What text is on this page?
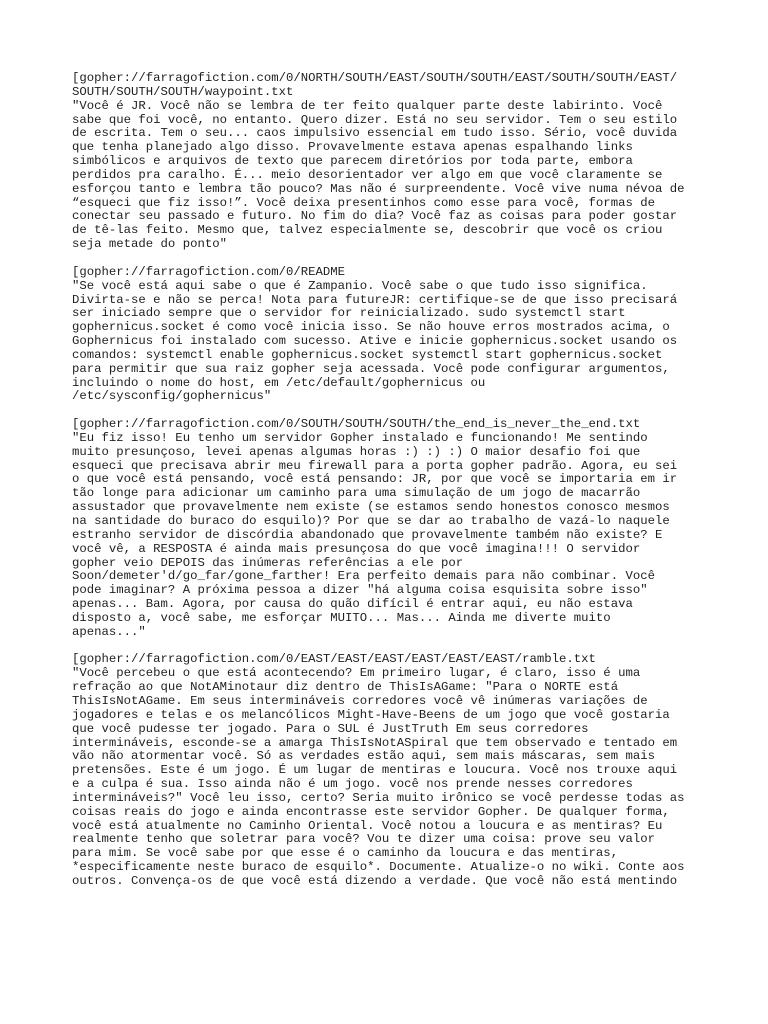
[gopher://farragofiction.com/0/NORTH/SOUTH/EAST/SOUTH/SOUTH/EAST/SOUTH/SOUTH/EAST/
SOUTH/SOUTH/SOUTH/waypoint.txt
"Você é JR. Você não se lembra de ter feito qualquer parte deste labirinto. Você
sabe que foi você, no entanto. Quero dizer. Está no seu servidor. Tem o seu estilo
de escrita. Tem o seu... caos impulsivo essencial em tudo isso. Sério, você duvida
que tenha planejado algo disso. Provavelmente estava apenas espalhando links
simbólicos e arquivos de texto que parecem diretórios por toda parte, embora
perdidos pra caralho. É... meio desorientador ver algo em que você claramente se
esforçou tanto e lembra tão pouco? Mas não é surpreendente. Você vive numa névoa de
“esqueci que fiz isso!”. Você deixa presentinhos como esse para você, formas de
conectar seu passado e futuro. No fim do dia? Você faz as coisas para poder gostar
de tê-las feito. Mesmo que, talvez especialmente se, descobrir que você os criou
seja metade do ponto"
[gopher://farragofiction.com/0/README
"Se você está aqui sabe o que é Zampanio. Você sabe o que tudo isso significa.
Divirta-se e não se perca! Nota para futureJR: certifique-se de que isso precisará
ser iniciado sempre que o servidor for reinicializado. sudo systemctl start
gophernicus.socket é como você inicia isso. Se não houve erros mostrados acima, o
Gophernicus foi instalado com sucesso. Ative e inicie gophernicus.socket usando os
comandos: systemctl enable gophernicus.socket systemctl start gophernicus.socket
para permitir que sua raiz gopher seja acessada. Você pode configurar argumentos,
incluindo o nome do host, em /etc/default/gophernicus ou
/etc/sysconfig/gophernicus"
[gopher://farragofiction.com/0/SOUTH/SOUTH/SOUTH/the_end_is_never_the_end.txt
"Eu fiz isso! Eu tenho um servidor Gopher instalado e funcionando! Me sentindo
muito presunçoso, levei apenas algumas horas :) :) :) O maior desafio foi que
esqueci que precisava abrir meu firewall para a porta gopher padrão. Agora, eu sei
o que você está pensando, você está pensando: JR, por que você se importaria em ir
tão longe para adicionar um caminho para uma simulação de um jogo de macarrão
assustador que provavelmente nem existe (se estamos sendo honestos conosco mesmos
na santidade do buraco do esquilo)? Por que se dar ao trabalho de vazá-lo naquele
estranho servidor de discórdia abandonado que provavelmente também não existe? E
você vê, a RESPOSTA é ainda mais presunçosa do que você imagina!!! O servidor
gopher veio DEPOIS das inúmeras referências a ele por
Soon/demeter'd/go_far/gone_farther! Era perfeito demais para não combinar. Você
pode imaginar? A próxima pessoa a dizer "há alguma coisa esquisita sobre isso"
apenas... Bam. Agora, por causa do quão difícil é entrar aqui, eu não estava
disposto a, você sabe, me esforçar MUITO... Mas... Ainda me diverte muito
apenas..."
[gopher://farragofiction.com/0/EAST/EAST/EAST/EAST/EAST/EAST/ramble.txt
"Você percebeu o que está acontecendo? Em primeiro lugar, é claro, isso é uma
refração ao que NotAMinotaur diz dentro de ThisIsAGame: "Para o NORTE está
ThisIsNotAGame. Em seus intermináveis corredores você vê inúmeras variações de
jogadores e telas e os melancólicos Might-Have-Beens de um jogo que você gostaria
que você pudesse ter jogado. Para o SUL é JustTruth Em seus corredores
intermináveis, esconde-se a amarga ThisIsNotASpiral que tem observado e tentado em
vão não atormentar você. Só as verdades estão aqui, sem mais máscaras, sem mais
pretensões. Este é um jogo. É um lugar de mentiras e loucura. Você nos trouxe aqui
e a culpa é sua. Isso ainda não é um jogo. você nos prende nesses corredores
intermináveis?" Você leu isso, certo? Seria muito irônico se você perdesse todas as
coisas reais do jogo e ainda encontrasse este servidor Gopher. De qualquer forma,
você está atualmente no Caminho Oriental. Você notou a loucura e as mentiras? Eu
realmente tenho que soletrar para você? Vou te dizer uma coisa: prove seu valor
para mim. Se você sabe por que esse é o caminho da loucura e das mentiras,
*especificamente neste buraco de esquilo*. Documente. Atualize-o no wiki. Conte aos
outros. Convença-os de que você está dizendo a verdade. Que você não está mentindo
